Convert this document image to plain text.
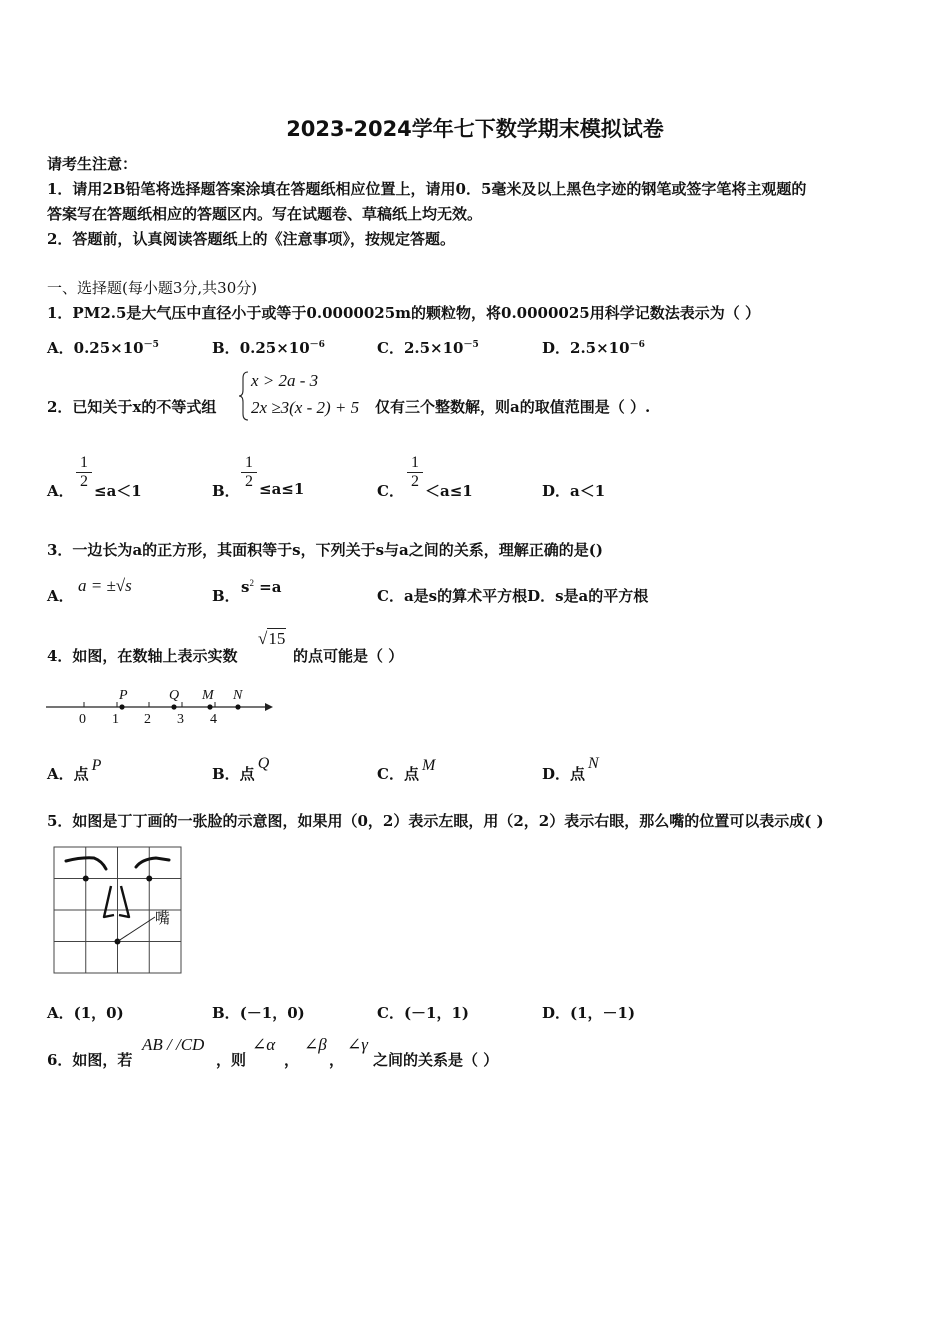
2023-2024学年七下数学期末模拟试卷
请考生注意：
1．请用2B铅笔将选择题答案涂填在答题纸相应位置上，请用0．5毫米及以上黑色字迹的钢笔或签字笔将主观题的
答案写在答题纸相应的答题区内。写在试题卷、草稿纸上均无效。
2．答题前，认真阅读答题纸上的《注意事项》，按规定答题。
一、选择题(每小题3分,共30分)
1．PM2.5是大气压中直径小于或等于0.0000025m的颗粒物，将0.0000025用科学记数法表示为（ ）
A．$0.25\times 10^{-5}$	B．$0.25\times 10^{-6}$	C．$2.5\times 10^{-5}$	D．$2.5\times 10^{-6}$
2．已知关于x的不等式组
x > 2a - 3
2x ≥3(x - 2) + 5 仅有三个整数解，则a的取值范围是（ ）.
A． $\frac{1}{2} \le a<1$	B． $\frac{1}{2} \le a\le 1$	C． $\frac{1}{2} <a\le 1$	D．a＜1
3．一边长为a的正方形，其面积等于s，下列关于s与a之间的关系，理解正确的是()
A．
a = ±√s
B． $s^2 =a$	C．a是s的算术平方根D．s是a的平方根
4．如图，在数轴上表示实数
√15
的点可能是（ ）
0 1 2 3 4
P	Q M N
A．点 P	B．点Q
C．点 M	D．点N
5．如图是丁丁画的一张脸的示意图，如果用（0，2）表示左眼，用（2，2）表示右眼，那么嘴的位置可以表示成( )
嘴
A．(1，0)	B．(－1，0)	C．(－1，1)	D．(1，－1)
6．如图，若
AB / /CD
，则
∠α
，
∠β
，
∠γ
之间的关系是（ ）
